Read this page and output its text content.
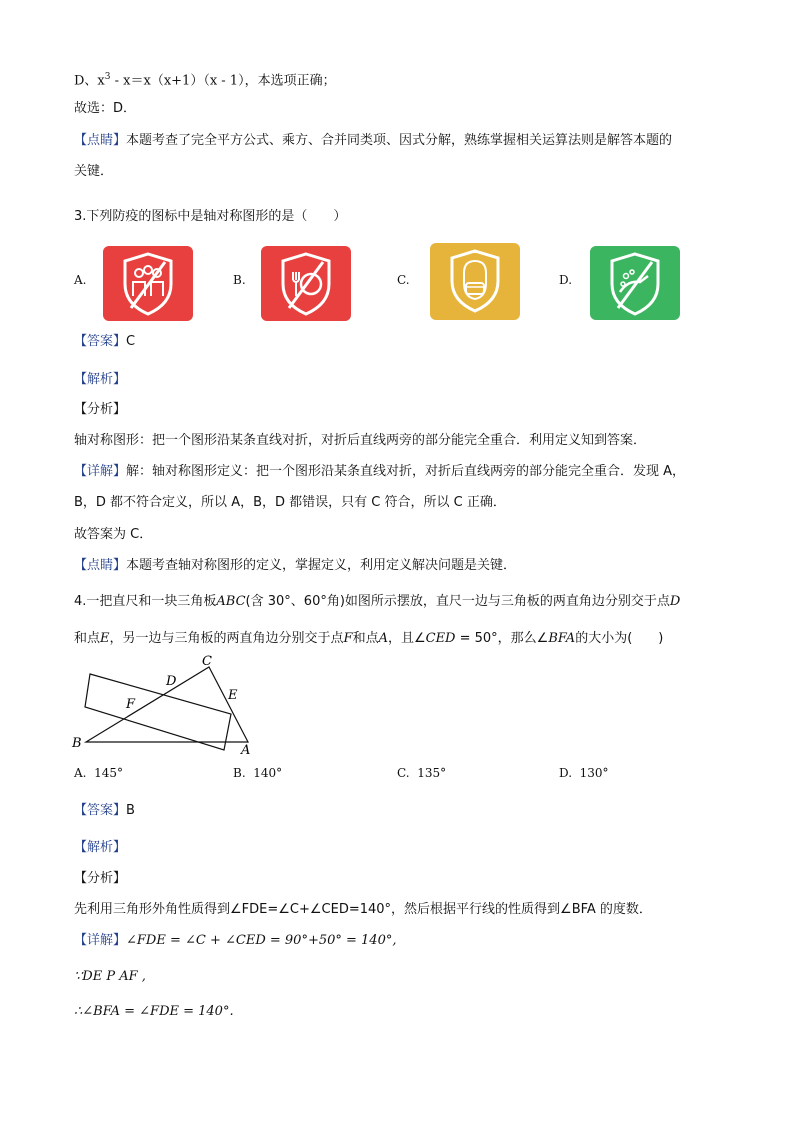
D、$x^3 - x=x(x+1)(x - 1)$，本选项正确；
故选：D．
【点睛】本题考查了完全平方公式、乘方、合并同类项、因式分解，熟练掌握相关运算法则是解答本题的
关键．
3.下列防疫的图标中是轴对称图形的是（　　）
A.	B.	C.	D.
【答案】C
【解析】
【分析】
轴对称图形：把一个图形沿某条直线对折，对折后直线两旁的部分能完全重合．利用定义知到答案．
【详解】解：轴对称图形定义：把一个图形沿某条直线对折，对折后直线两旁的部分能完全重合．发现 A，
B，D 都不符合定义，所以 A，B，D 都错误，只有 C 符合，所以 C 正确．
故答案为 C．
【点睛】本题考查轴对称图形的定义，掌握定义，利用定义解决问题是关键．
4.一把直尺和一块三角板ABC(含 30°、60°角)如图所示摆放，直尺一边与三角板的两直角边分别交于点D
和点E，另一边与三角板的两直角边分别交于点F和点A，且∠CED = 50°，那么∠BFA的大小为(　　)
C
D
E
F
B	A
A. 145°	B. 140°	C. 135°	D. 130°
【答案】B
【解析】
【分析】
先利用三角形外角性质得到∠FDE=∠C+∠CED=140°，然后根据平行线的性质得到∠BFA 的度数．
【详解】∠FDE = ∠C + ∠CED = 90°+50° = 140°,
∵DE P AF ,
∴∠BFA = ∠FDE = 140°.
